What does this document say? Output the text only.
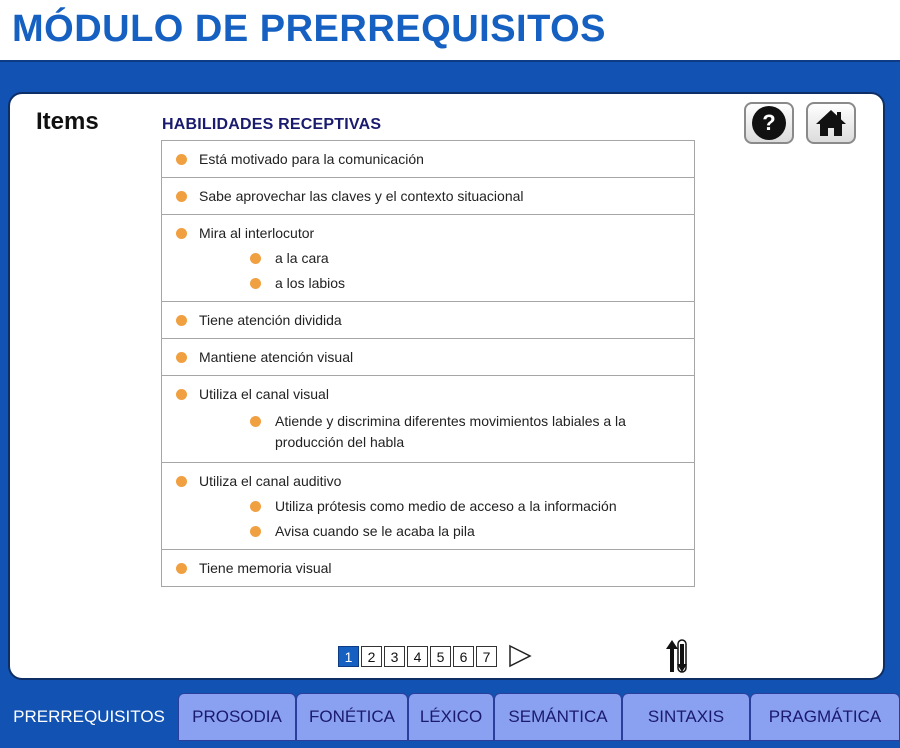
MÓDULO DE PRERREQUISITOS
Items	HABILIDADES RECEPTIVAS	?
Está motivado para la comunicación
Sabe aprovechar las claves y el contexto situacional
Mira al interlocutor
a la cara
a los labios
Tiene atención dividida
Mantiene atención visual
Utiliza el canal visual
Atiende y discrimina diferentes movimientos labiales a la producción del habla
Utiliza el canal auditivo
Utiliza prótesis como medio de acceso a la información
Avisa cuando se le acaba la pila
Tiene memoria visual
1	2	3	4	5	6	7
PRERREQUISITOS	PROSODIA	FONÉTICA	LÉXICO	SEMÁNTICA	SINTAXIS	PRAGMÁTICA
